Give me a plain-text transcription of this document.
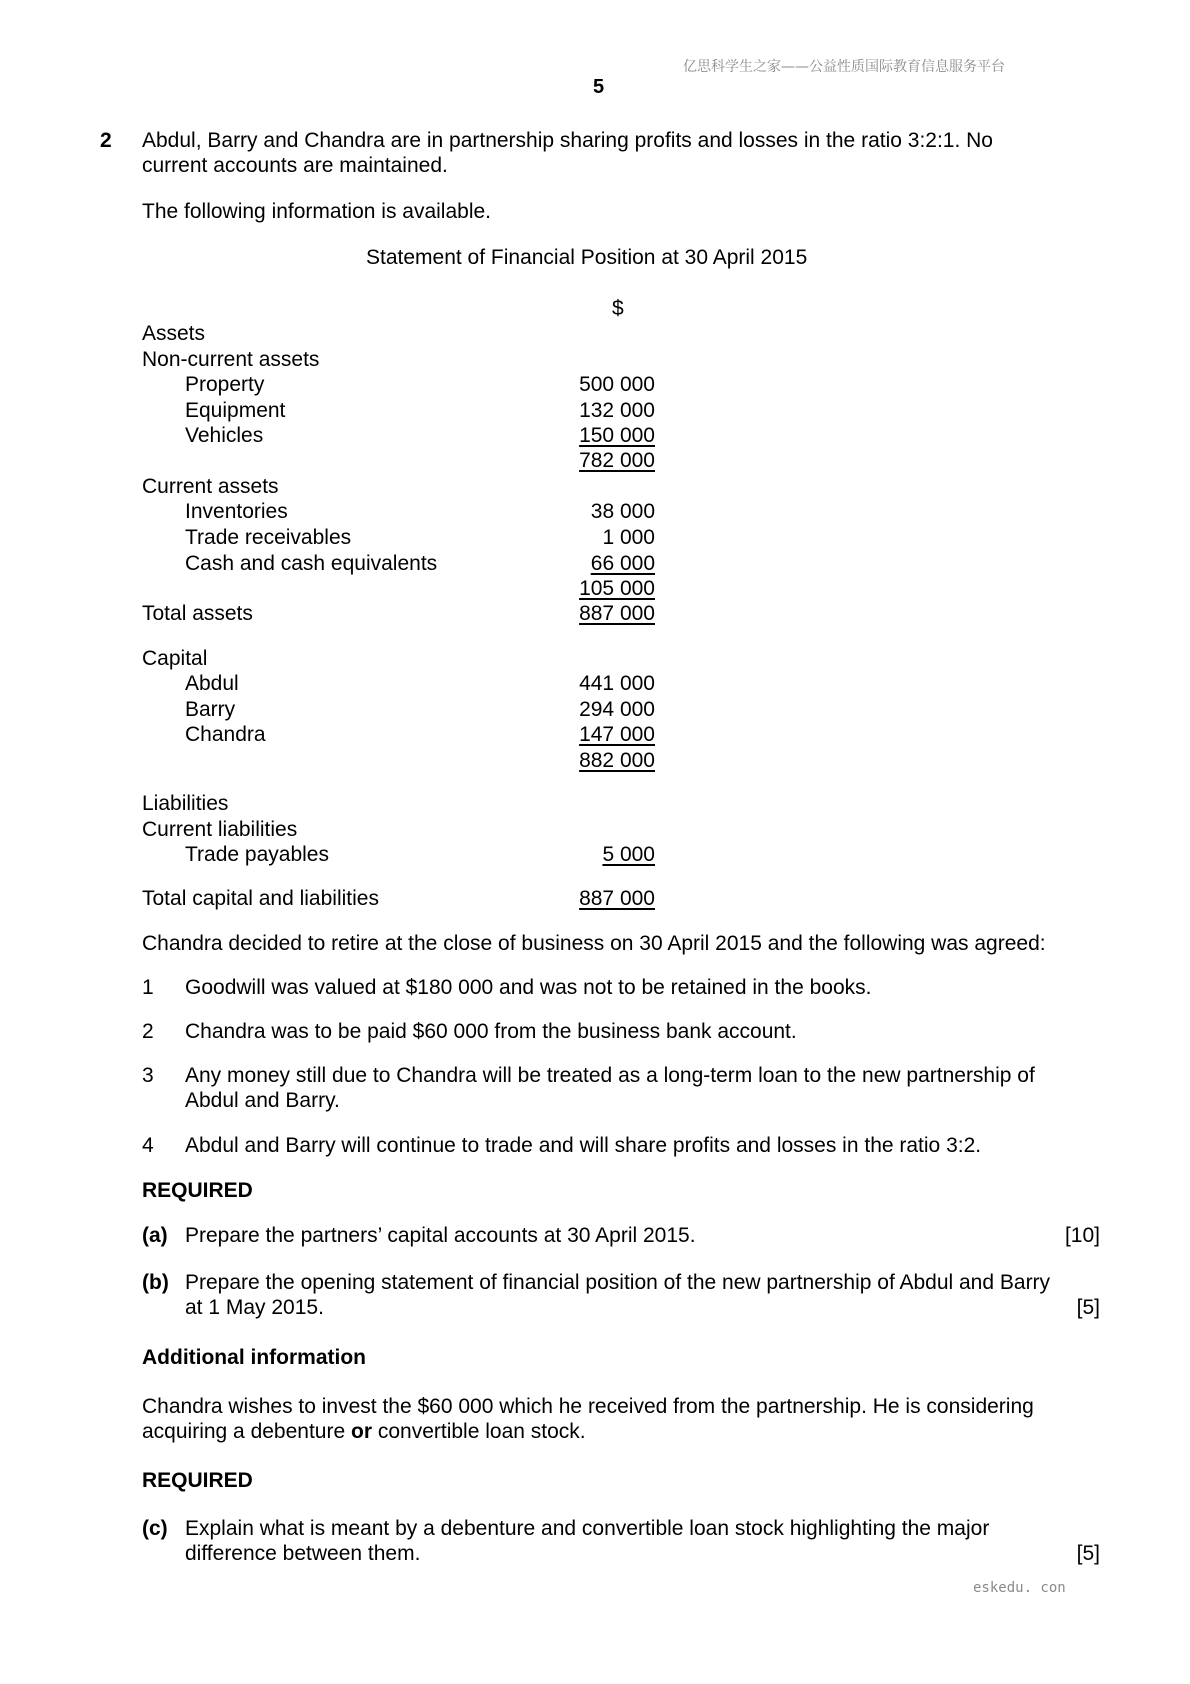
亿思科学生之家——公益性质国际教育信息服务平台
5
2 Abdul, Barry and Chandra are in partnership sharing profits and losses in the ratio 3:2:1. No
current accounts are maintained.
The following information is available.
Statement of Financial Position at 30 April 2015
$
Assets
Non-current assets
Property	500 000
Equipment	132 000
Vehicles	150 000
782 000
Current assets
Inventories	38 000
Trade receivables	1 000
Cash and cash equivalents	66 000
105 000
Total assets	887 000
Capital
Abdul	441 000
Barry	294 000
Chandra	147 000
882 000
Liabilities
Current liabilities
Trade payables	5 000
Total capital and liabilities	887 000
Chandra decided to retire at the close of business on 30 April 2015 and the following was agreed:
1 Goodwill was valued at $180 000 and was not to be retained in the books.
2 Chandra was to be paid $60 000 from the business bank account.
3 Any money still due to Chandra will be treated as a long-term loan to the new partnership of
Abdul and Barry.
4 Abdul and Barry will continue to trade and will share profits and losses in the ratio 3:2.
REQUIRED
(a) Prepare the partners’ capital accounts at 30 April 2015.	[10]
(b) Prepare the opening statement of financial position of the new partnership of Abdul and Barry
at 1 May 2015.	[5]
Additional information
Chandra wishes to invest the $60 000 which he received from the partnership. He is considering
acquiring a debenture or convertible loan stock.
REQUIRED
(c) Explain what is meant by a debenture and convertible loan stock highlighting the major
difference between them.	[5]
eskedu. con
